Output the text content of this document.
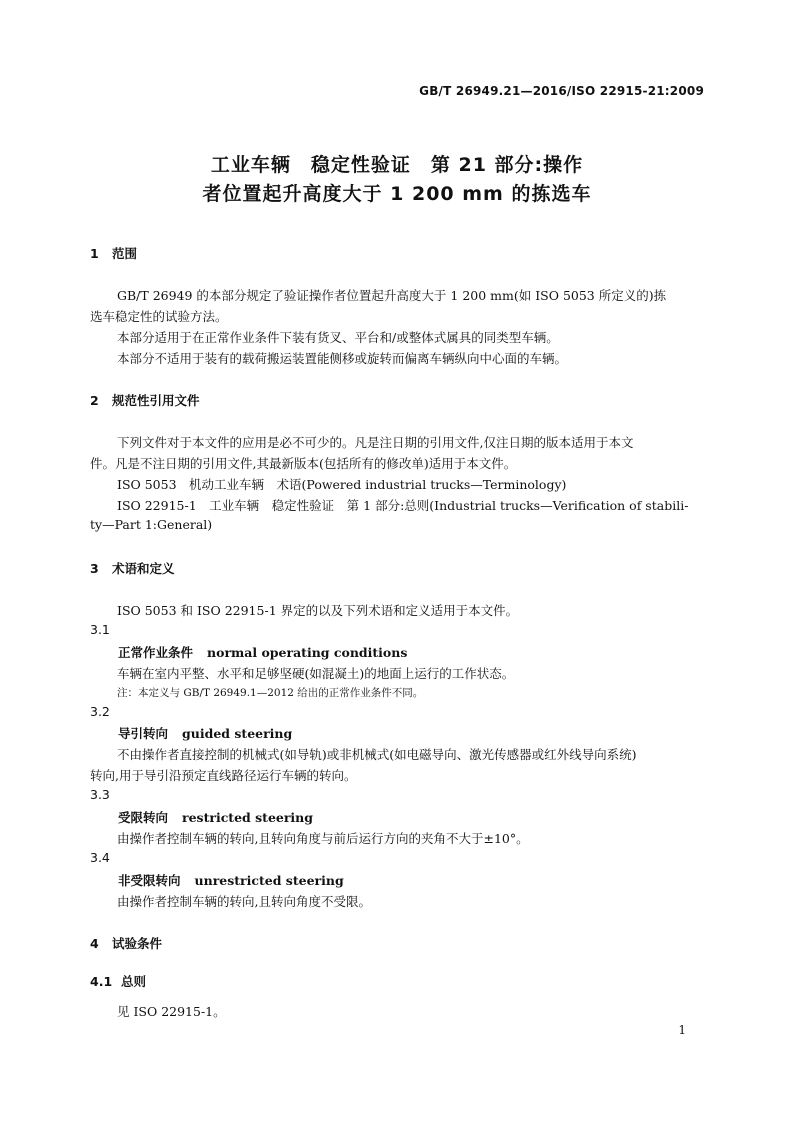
GB/T 26949.21—2016/ISO 22915-21:2009
工业车辆　稳定性验证　第 21 部分:操作
者位置起升高度大于 1 200 mm 的拣选车
1 范围
GB/T 26949 的本部分规定了验证操作者位置起升高度大于 1 200 mm(如 ISO 5053 所定义的)拣
选车稳定性的试验方法。
本部分适用于在正常作业条件下装有货叉、平台和/或整体式属具的同类型车辆。
本部分不适用于装有的载荷搬运装置能侧移或旋转而偏离车辆纵向中心面的车辆。
2 规范性引用文件
下列文件对于本文件的应用是必不可少的。凡是注日期的引用文件,仅注日期的版本适用于本文
件。凡是不注日期的引用文件,其最新版本(包括所有的修改单)适用于本文件。
ISO 5053　机动工业车辆　术语(Powered industrial trucks—Terminology)
ISO 22915-1　工业车辆　稳定性验证　第 1 部分:总则(Industrial trucks—Verification of stabili-
ty—Part 1:General)
3 术语和定义
ISO 5053 和 ISO 22915-1 界定的以及下列术语和定义适用于本文件。
3.1
正常作业条件 normal operating conditions
车辆在室内平整、水平和足够坚硬(如混凝土)的地面上运行的工作状态。
注：本定义与 GB/T 26949.1—2012 给出的正常作业条件不同。
3.2
导引转向 guided steering
不由操作者直接控制的机械式(如导轨)或非机械式(如电磁导向、激光传感器或红外线导向系统)
转向,用于导引沿预定直线路径运行车辆的转向。
3.3
受限转向 restricted steering
由操作者控制车辆的转向,且转向角度与前后运行方向的夹角不大于±10°。
3.4
非受限转向 unrestricted steering
由操作者控制车辆的转向,且转向角度不受限。
4 试验条件
4.1 总则
见 ISO 22915-1。
1
